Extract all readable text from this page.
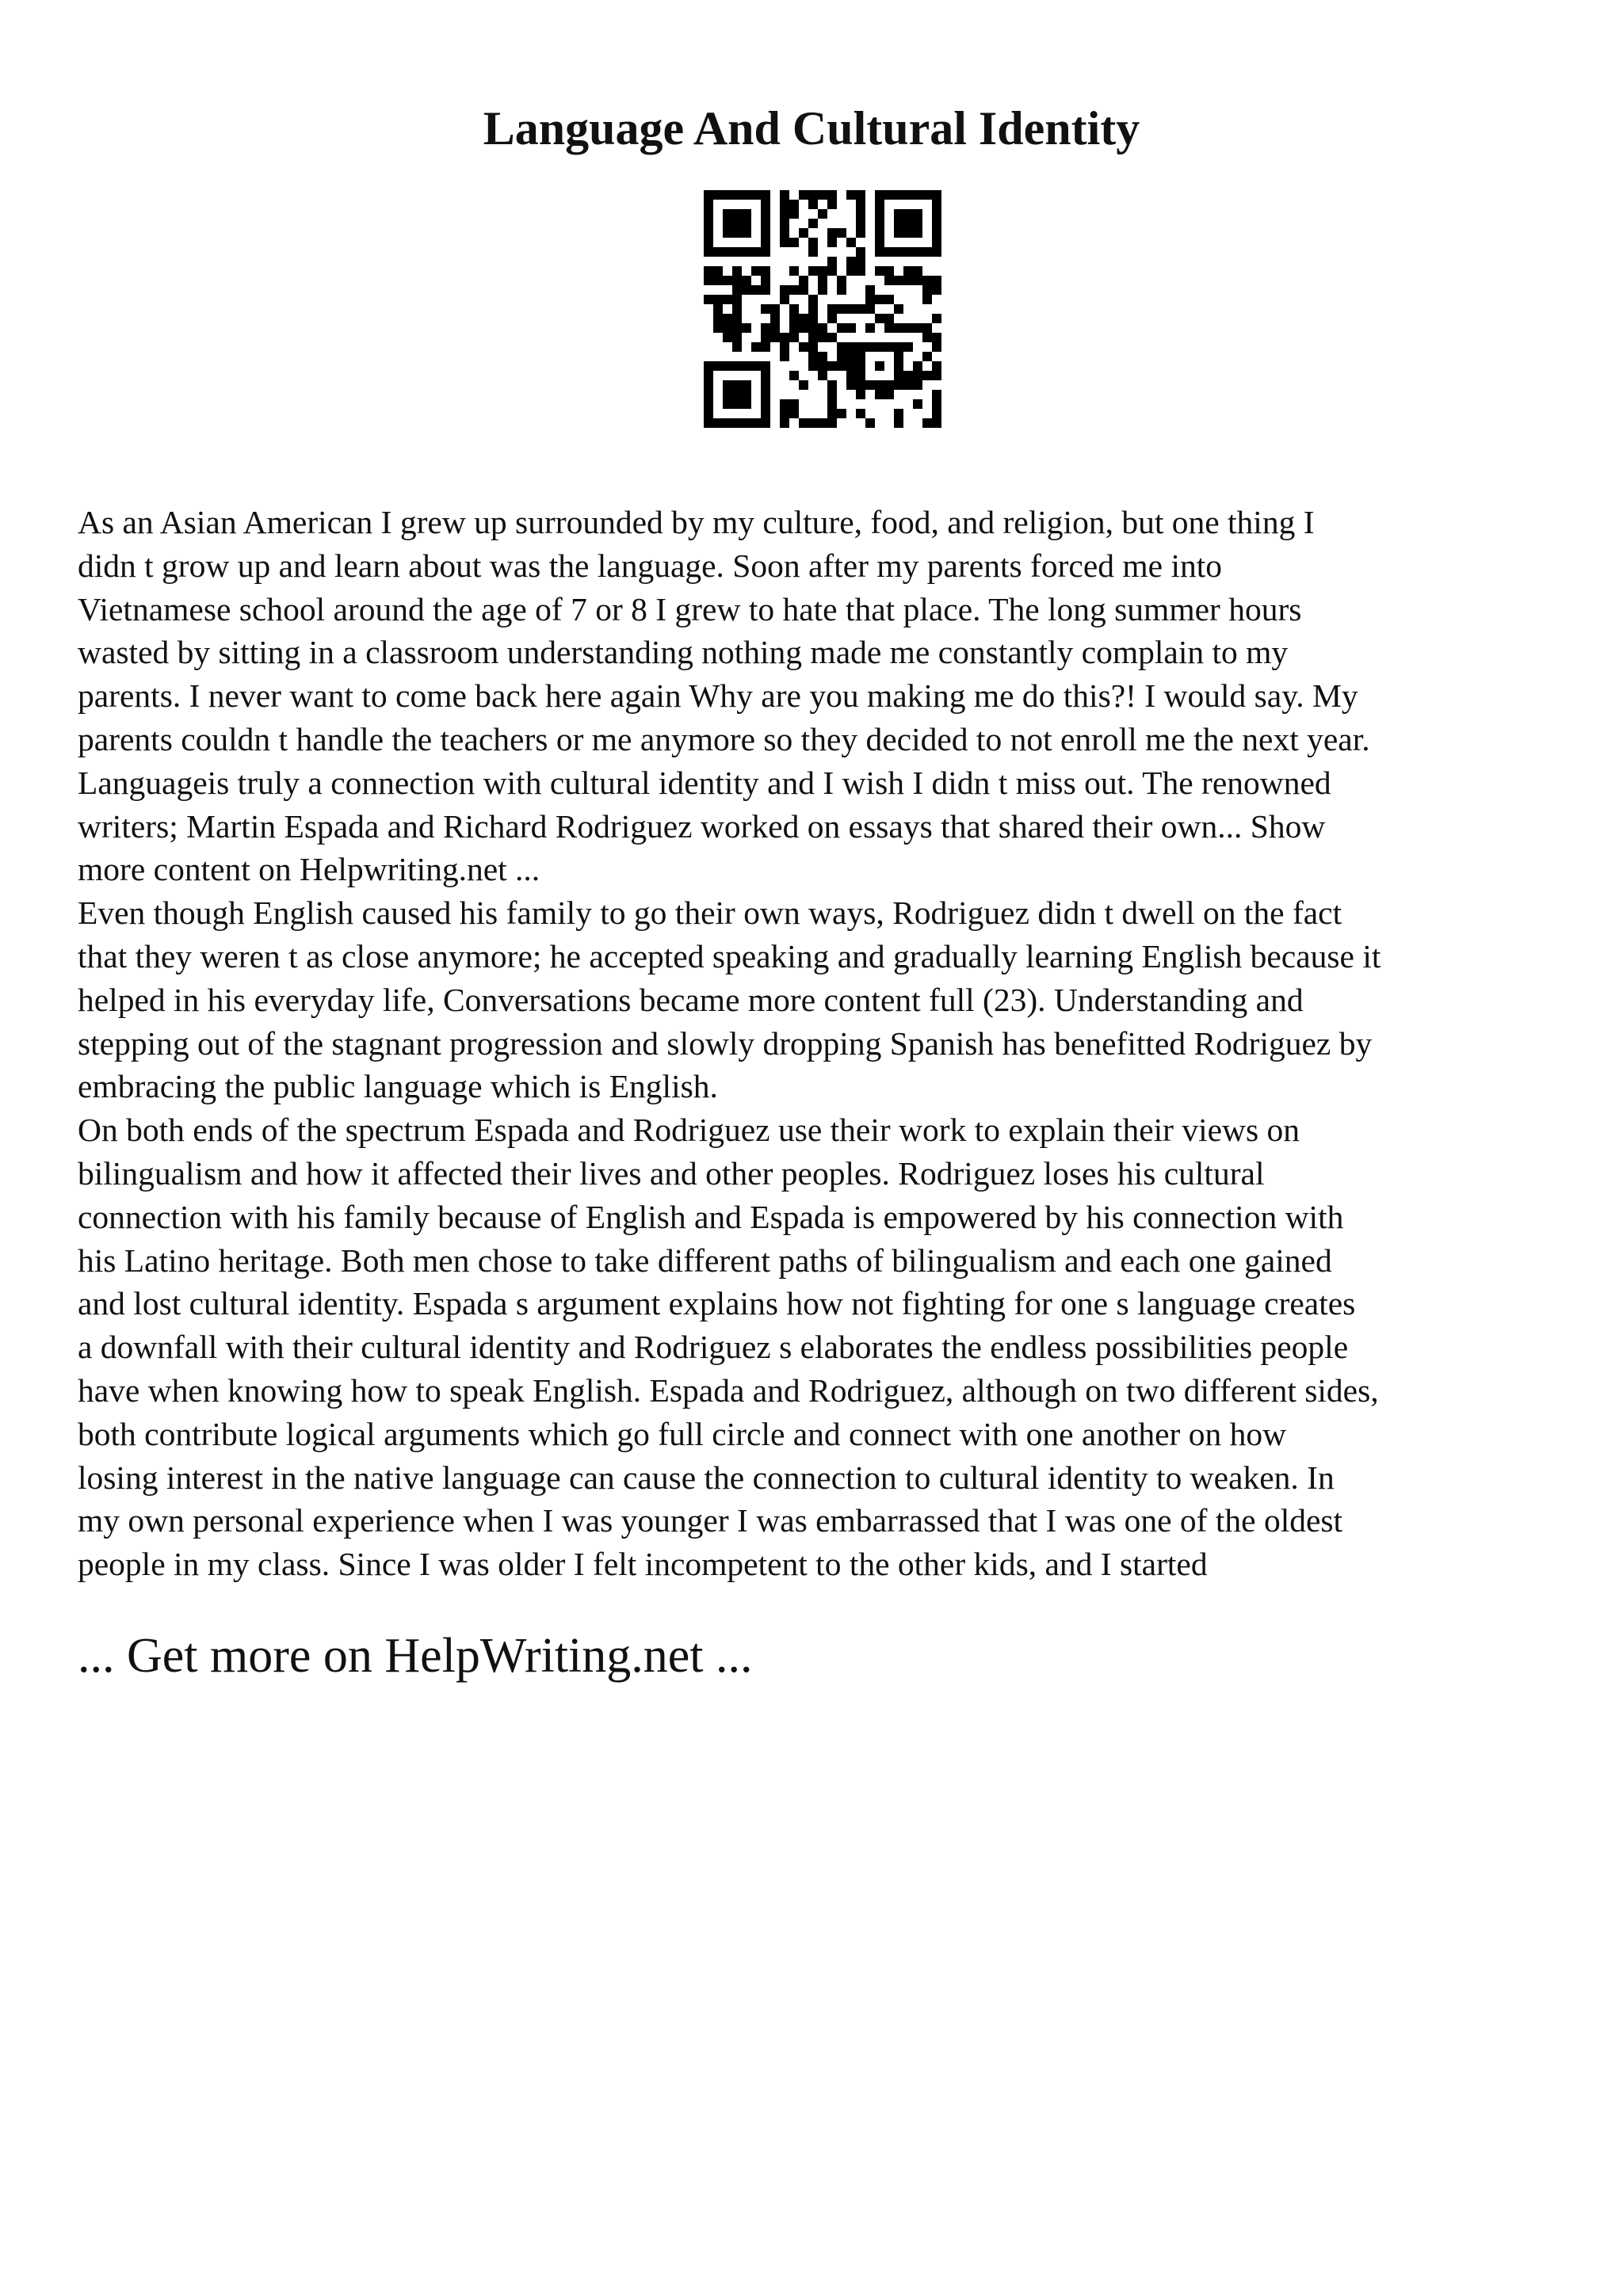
Language And Cultural Identity

As an Asian American I grew up surrounded by my culture, food, and religion, but one thing I
didn t grow up and learn about was the language. Soon after my parents forced me into
Vietnamese school around the age of 7 or 8 I grew to hate that place. The long summer hours
wasted by sitting in a classroom understanding nothing made me constantly complain to my
parents. I never want to come back here again Why are you making me do this?! I would say. My
parents couldn t handle the teachers or me anymore so they decided to not enroll me the next year.
Languageis truly a connection with cultural identity and I wish I didn t miss out. The renowned
writers; Martin Espada and Richard Rodriguez worked on essays that shared their own... Show
more content on Helpwriting.net ...

Even though English caused his family to go their own ways, Rodriguez didn t dwell on the fact
that they weren t as close anymore; he accepted speaking and gradually learning English because it
helped in his everyday life, Conversations became more content full (23). Understanding and
stepping out of the stagnant progression and slowly dropping Spanish has benefitted Rodriguez by
embracing the public language which is English.

On both ends of the spectrum Espada and Rodriguez use their work to explain their views on
bilingualism and how it affected their lives and other peoples. Rodriguez loses his cultural
connection with his family because of English and Espada is empowered by his connection with
his Latino heritage. Both men chose to take different paths of bilingualism and each one gained
and lost cultural identity. Espada s argument explains how not fighting for one s language creates
a downfall with their cultural identity and Rodriguez s elaborates the endless possibilities people
have when knowing how to speak English. Espada and Rodriguez, although on two different sides,
both contribute logical arguments which go full circle and connect with one another on how
losing interest in the native language can cause the connection to cultural identity to weaken. In
my own personal experience when I was younger I was embarrassed that I was one of the oldest
people in my class. Since I was older I felt incompetent to the other kids, and I started

... Get more on HelpWriting.net ...
